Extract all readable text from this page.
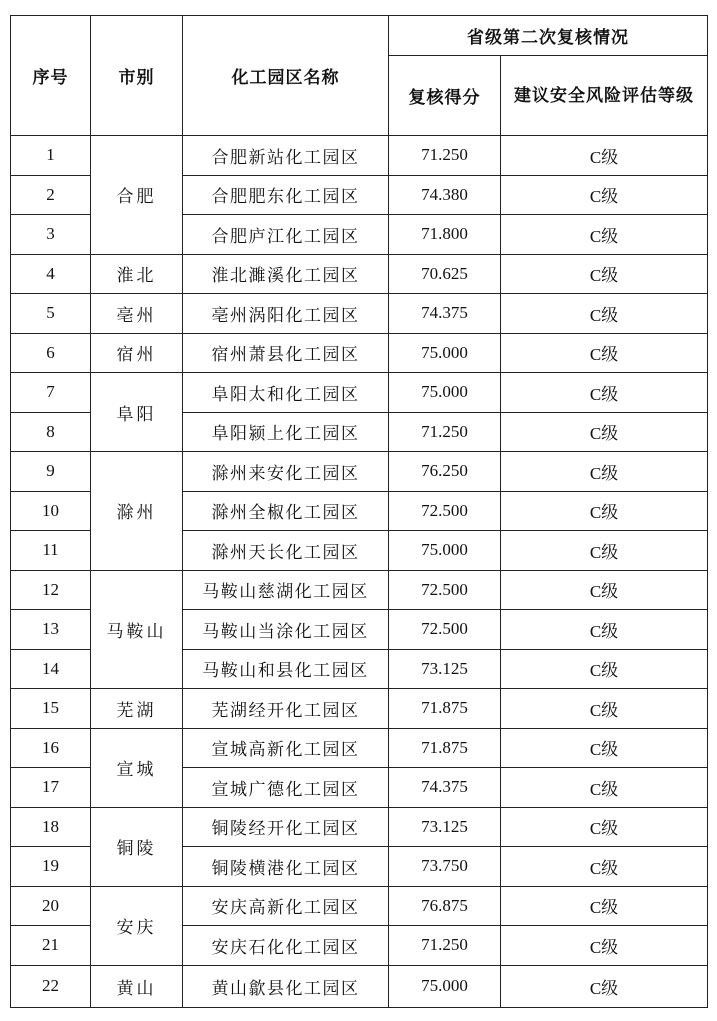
序号	市别	化工园区名称	省级第二次复核情况	
			复核得分	建议安全风险评估等级
1	合肥	合肥新站化工园区	71.250	C级
2		合肥肥东化工园区	74.380	C级
3		合肥庐江化工园区	71.800	C级
4	淮北	淮北濉溪化工园区	70.625	C级
5	亳州	亳州涡阳化工园区	74.375	C级
6	宿州	宿州萧县化工园区	75.000	C级
7	阜阳	阜阳太和化工园区	75.000	C级
8		阜阳颍上化工园区	71.250	C级
9	滁州	滁州来安化工园区	76.250	C级
10		滁州全椒化工园区	72.500	C级
11		滁州天长化工园区	75.000	C级
12	马鞍山	马鞍山慈湖化工园区	72.500	C级
13		马鞍山当涂化工园区	72.500	C级
14		马鞍山和县化工园区	73.125	C级
15	芜湖	芜湖经开化工园区	71.875	C级
16	宣城	宣城高新化工园区	71.875	C级
17		宣城广德化工园区	74.375	C级
18	铜陵	铜陵经开化工园区	73.125	C级
19		铜陵横港化工园区	73.750	C级
20	安庆	安庆高新化工园区	76.875	C级
21		安庆石化化工园区	71.250	C级
22	黄山	黄山歙县化工园区	75.000	C级
